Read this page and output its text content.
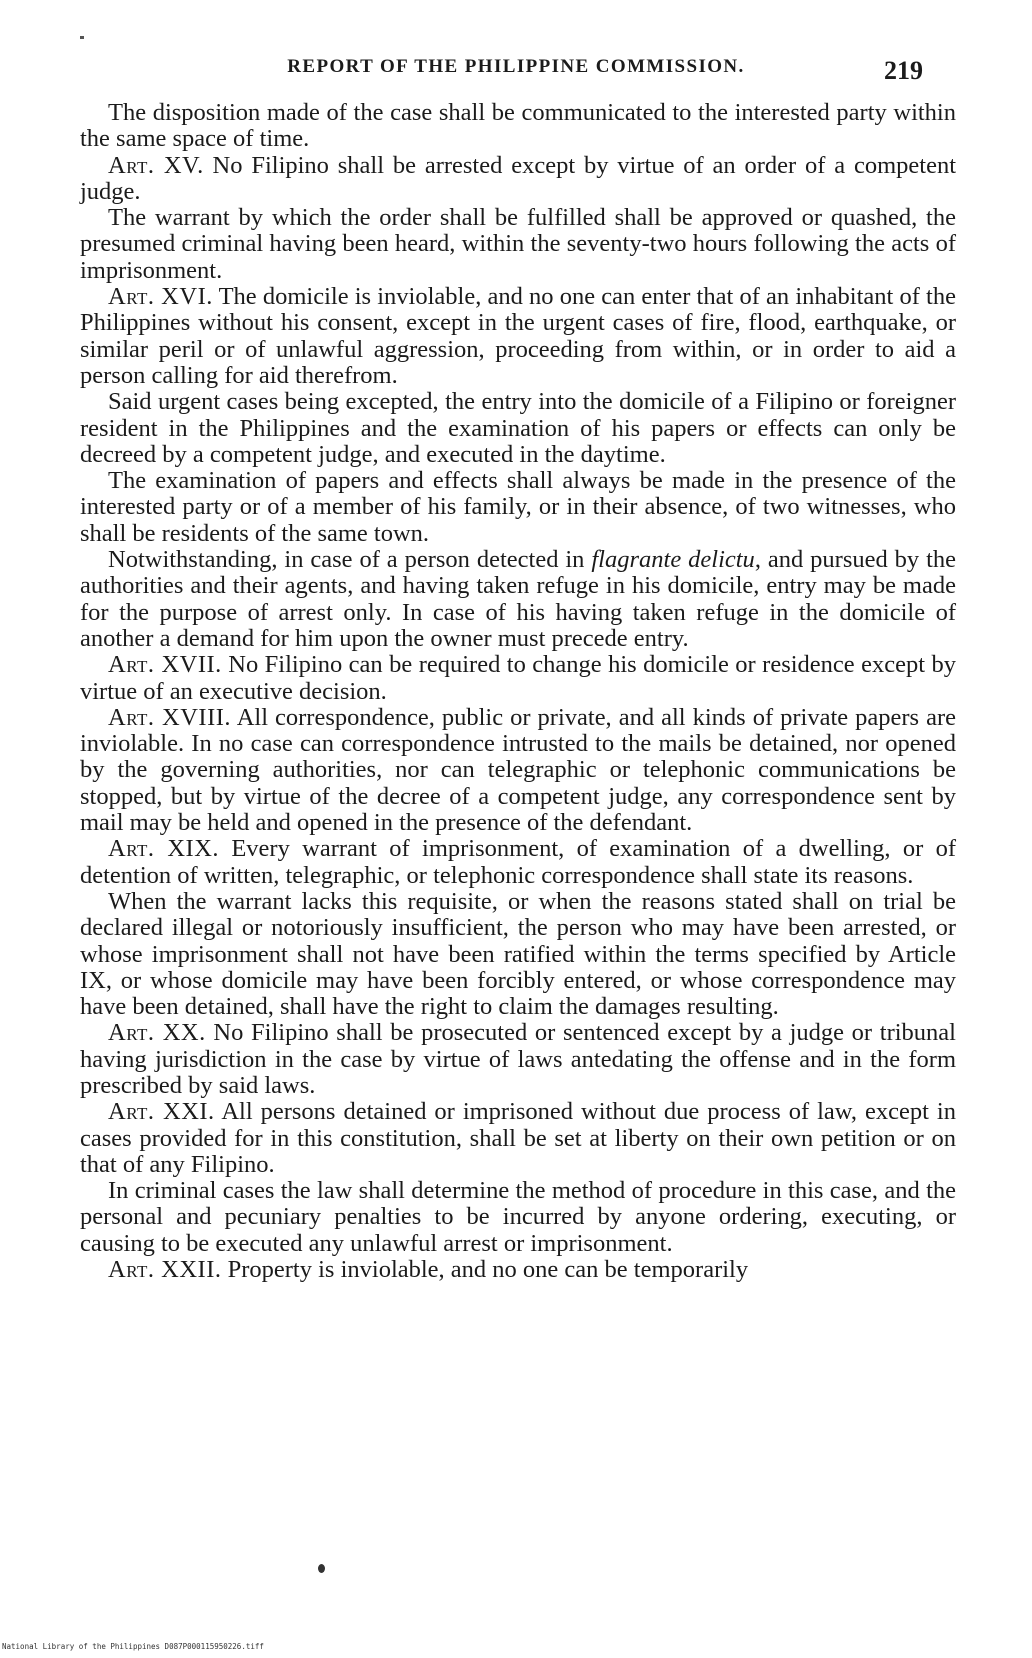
REPORT OF THE PHILIPPINE COMMISSION.	219

The disposition made of the case shall be communicated to the interested party within the same space of time.

Art. XV. No Filipino shall be arrested except by virtue of an order of a competent judge.

The warrant by which the order shall be fulfilled shall be approved or quashed, the presumed criminal having been heard, within the seventy-two hours following the acts of imprisonment.

Art. XVI. The domicile is inviolable, and no one can enter that of an inhabitant of the Philippines without his consent, except in the urgent cases of fire, flood, earthquake, or similar peril or of unlawful aggression, proceeding from within, or in order to aid a person calling for aid therefrom.

Said urgent cases being excepted, the entry into the domicile of a Filipino or foreigner resident in the Philippines and the examination of his papers or effects can only be decreed by a competent judge, and executed in the daytime.

The examination of papers and effects shall always be made in the presence of the interested party or of a member of his family, or in their absence, of two witnesses, who shall be residents of the same town.

Notwithstanding, in case of a person detected in flagrante delictu, and pursued by the authorities and their agents, and having taken refuge in his domicile, entry may be made for the purpose of arrest only. In case of his having taken refuge in the domicile of another a demand for him upon the owner must precede entry.

Art. XVII. No Filipino can be required to change his domicile or residence except by virtue of an executive decision.

Art. XVIII. All correspondence, public or private, and all kinds of private papers are inviolable. In no case can correspondence intrusted to the mails be detained, nor opened by the governing authorities, nor can telegraphic or telephonic communications be stopped, but by virtue of the decree of a competent judge, any correspondence sent by mail may be held and opened in the presence of the defendant.

Art. XIX. Every warrant of imprisonment, of examination of a dwelling, or of detention of written, telegraphic, or telephonic correspondence shall state its reasons.

When the warrant lacks this requisite, or when the reasons stated shall on trial be declared illegal or notoriously insufficient, the person who may have been arrested, or whose imprisonment shall not have been ratified within the terms specified by Article IX, or whose domicile may have been forcibly entered, or whose correspondence may have been detained, shall have the right to claim the damages resulting.

Art. XX. No Filipino shall be prosecuted or sentenced except by a judge or tribunal having jurisdiction in the case by virtue of laws antedating the offense and in the form prescribed by said laws.

Art. XXI. All persons detained or imprisoned without due process of law, except in cases provided for in this constitution, shall be set at liberty on their own petition or on that of any Filipino.

In criminal cases the law shall determine the method of procedure in this case, and the personal and pecuniary penalties to be incurred by anyone ordering, executing, or causing to be executed any unlawful arrest or imprisonment.

Art. XXII. Property is inviolable, and no one can be temporarily

National Library of the Philippines D087P000115950226.tiff
